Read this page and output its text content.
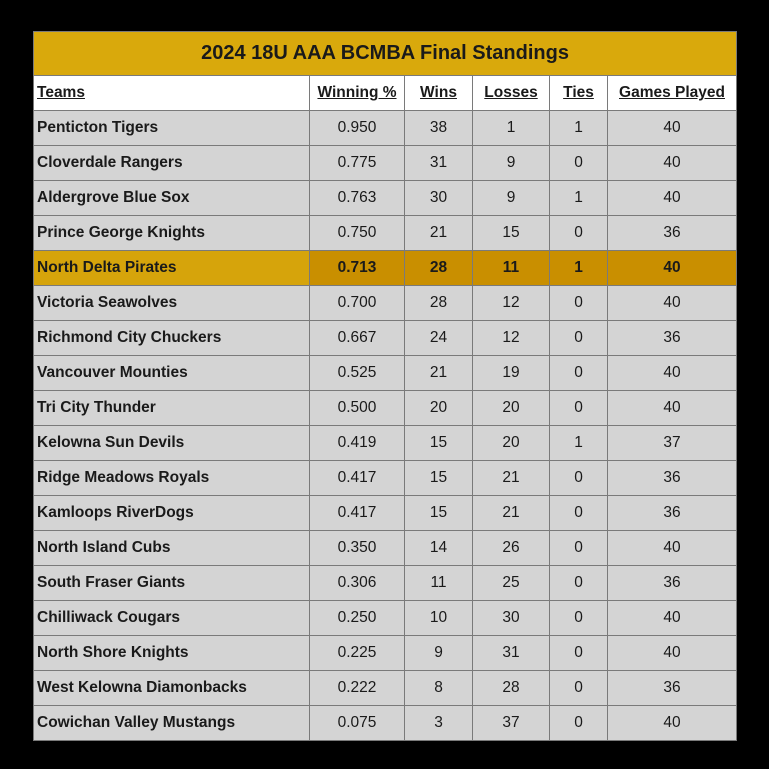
2024 18U AAA BCMBA Final Standings					
Teams	Winning %	Wins	Losses	Ties	Games Played
Penticton Tigers	0.950	38	1	1	40
Cloverdale Rangers	0.775	31	9	0	40
Aldergrove Blue Sox	0.763	30	9	1	40
Prince George Knights	0.750	21	15	0	36
North Delta Pirates	0.713	28	11	1	40
Victoria Seawolves	0.700	28	12	0	40
Richmond City Chuckers	0.667	24	12	0	36
Vancouver Mounties	0.525	21	19	0	40
Tri City Thunder	0.500	20	20	0	40
Kelowna Sun Devils	0.419	15	20	1	37
Ridge Meadows Royals	0.417	15	21	0	36
Kamloops RiverDogs	0.417	15	21	0	36
North Island Cubs	0.350	14	26	0	40
South Fraser Giants	0.306	11	25	0	36
Chilliwack Cougars	0.250	10	30	0	40
North Shore Knights	0.225	9	31	0	40
West Kelowna Diamonbacks	0.222	8	28	0	36
Cowichan Valley Mustangs	0.075	3	37	0	40
